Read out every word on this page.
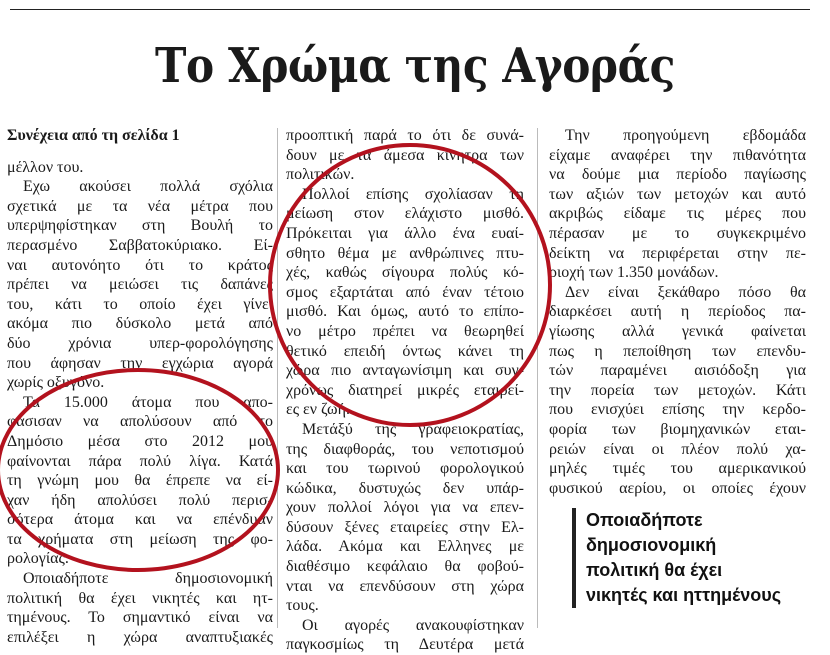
Το Χρώμα της Αγοράς
Συνέχεια από τη σελίδα 1
μέλλον του.
Εχω ακούσει πολλά σχόλια
σχετικά με τα νέα μέτρα που
υπερψηφίστηκαν στη Βουλή το
περασμένο Σαββατοκύριακο. Εί-
ναι αυτονόητο ότι το κράτος
πρέπει να μειώσει τις δαπάνες
του, κάτι το οποίο έχει γίνει
ακόμα πιο δύσκολο μετά από
δύο χρόνια υπερ-φορολόγησης
που άφησαν την εγχώρια αγορά
χωρίς οξυγόνο.
Τα 15.000 άτομα που απο-
φάσισαν να απολύσουν από το
Δημόσιο μέσα στο 2012 μού
φαίνονται πάρα πολύ λίγα. Κατά
τη γνώμη μου θα έπρεπε να εί-
χαν ήδη απολύσει πολύ περισ-
σότερα άτομα και να επένδυαν
τα χρήματα στη μείωση της φο-
ρολογίας.
Οποιαδήποτε δημοσιονομική
πολιτική θα έχει νικητές και ητ-
τημένους. Το σημαντικό είναι να
επιλέξει η χώρα αναπτυξιακές
προοπτική παρά το ότι δε συνά-
δουν με τα άμεσα κίνητρα των
πολιτικών.
Πολλοί επίσης σχολίασαν τη
μείωση στον ελάχιστο μισθό.
Πρόκειται για άλλο ένα ευαί-
σθητο θέμα με ανθρώπινες πτυ-
χές, καθώς σίγουρα πολύς κό-
σμος εξαρτάται από έναν τέτοιο
μισθό. Και όμως, αυτό το επίπο-
νο μέτρο πρέπει να θεωρηθεί
θετικό επειδή όντως κάνει τη
χώρα πιο ανταγωνίσιμη και συγ-
χρόνως διατηρεί μικρές εταιρεί-
ες εν ζωή.
Μετάξύ της γραφειοκρατίας,
της διαφθοράς, του νεποτισμού
και του τωρινού φορολογικού
κώδικα, δυστυχώς δεν υπάρ-
χουν πολλοί λόγοι για να επεν-
δύσουν ξένες εταιρείες στην Ελ-
λάδα. Ακόμα και Ελληνες με
διαθέσιμο κεφάλαιο θα φοβού-
νται να επενδύσουν στη χώρα
τους.
Οι αγορές ανακουφίστηκαν
παγκοσμίως τη Δευτέρα μετά
Την προηγούμενη εβδομάδα
είχαμε αναφέρει την πιθανότητα
να δούμε μια περίοδο παγίωσης
των αξιών των μετοχών και αυτό
ακριβώς είδαμε τις μέρες που
πέρασαν με το συγκεκριμένο
δείκτη να περιφέρεται στην πε-
ριοχή των 1.350 μονάδων.
Δεν είναι ξεκάθαρο πόσο θα
διαρκέσει αυτή η περίοδος πα-
γίωσης αλλά γενικά φαίνεται
πως η πεποίθηση των επενδυ-
τών παραμένει αισιόδοξη για
την πορεία των μετοχών. Κάτι
που ενισχύει επίσης την κερδο-
φορία των βιομηχανικών εται-
ρειών είναι οι πλέον πολύ χα-
μηλές τιμές του αμερικανικού
φυσικού αερίου, οι οποίες έχουν
Οποιαδήποτε
δημοσιονομική
πολιτική θα έχει
νικητές και ηττημένους
